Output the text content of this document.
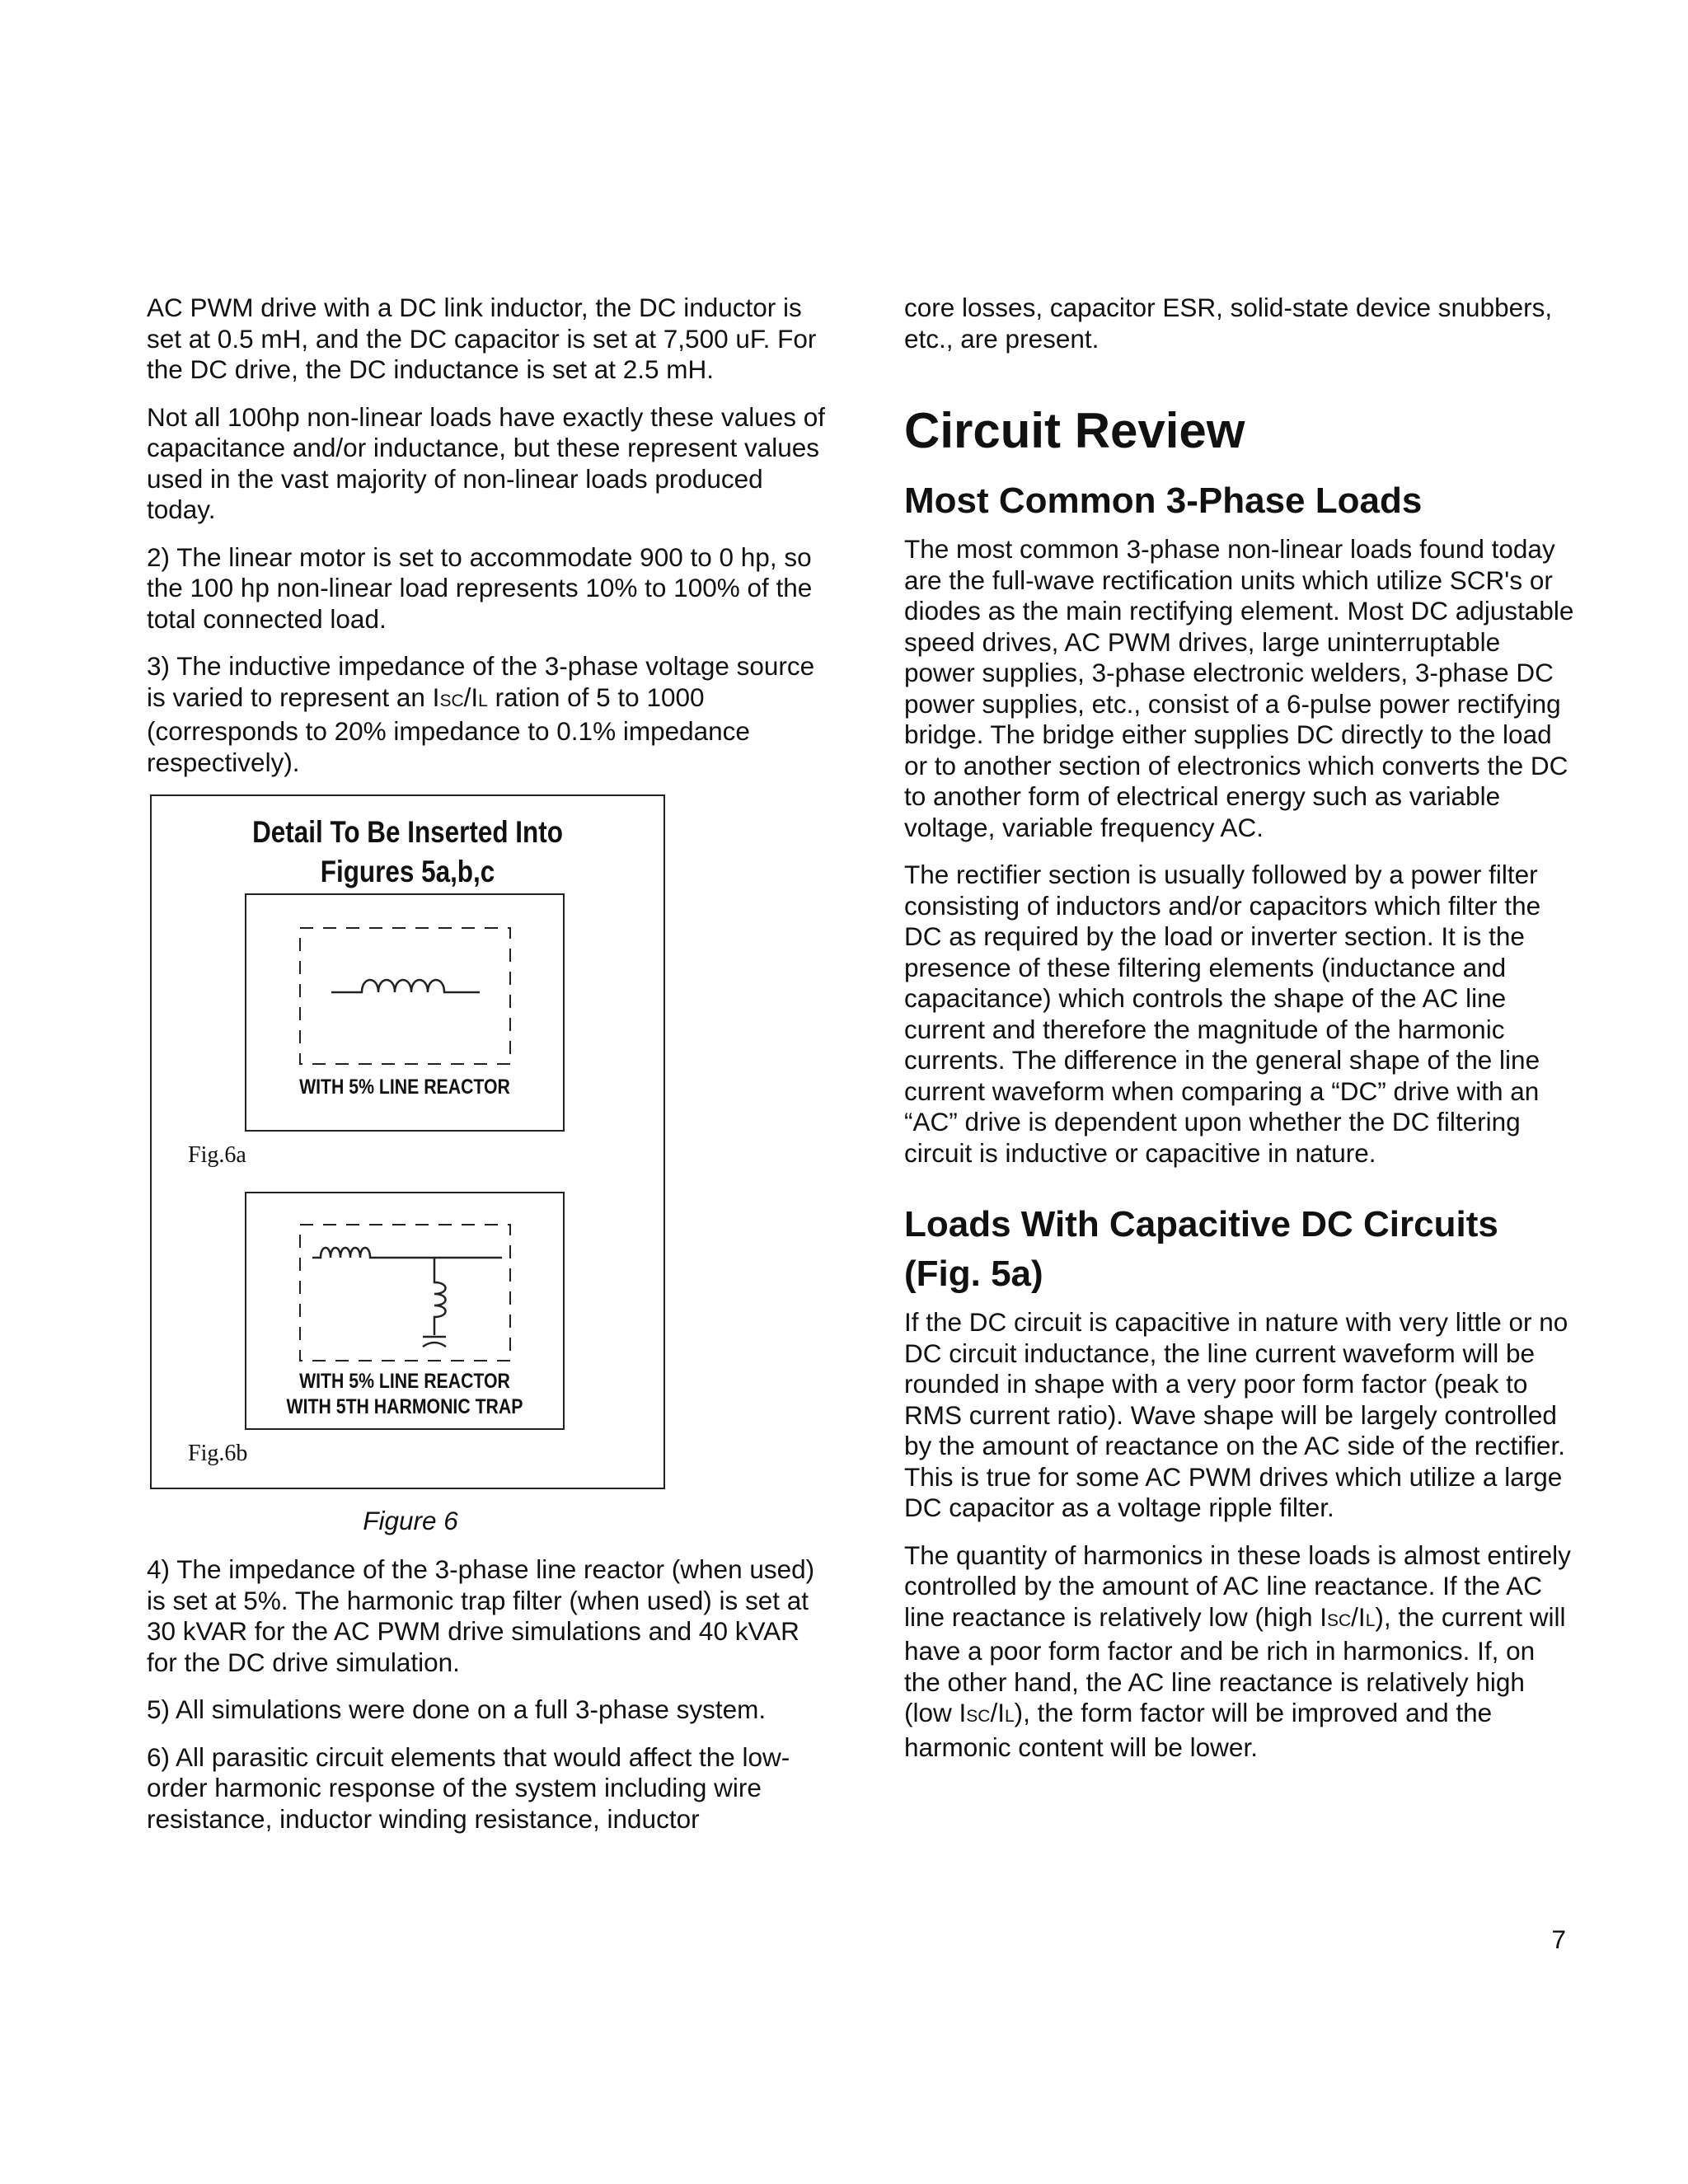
AC PWM drive with a DC link inductor, the DC inductor is set at 0.5 mH, and the DC capacitor is set at 7,500 uF. For the DC drive, the DC inductance is set at 2.5 mH.

Not all 100hp non-linear loads have exactly these values of capacitance and/or inductance, but these represent values used in the vast majority of non-linear loads produced today.

2) The linear motor is set to accommodate 900 to 0 hp, so the 100 hp non-linear load represents 10% to 100% of the total connected load.

3) The inductive impedance of the 3-phase voltage source is varied to represent an ISC/IL ration of 5 to 1000 (corresponds to 20% impedance to 0.1% impedance respectively).

Detail To Be Inserted Into
Figures 5a,b,c
WITH 5% LINE REACTOR
Fig.6a
WITH 5% LINE REACTOR
WITH 5TH HARMONIC TRAP
Fig.6b
Figure 6

4) The impedance of the 3-phase line reactor (when used) is set at 5%. The harmonic trap filter (when used) is set at 30 kVAR for the AC PWM drive simulations and 40 kVAR for the DC drive simulation.

5) All simulations were done on a full 3-phase system.

6) All parasitic circuit elements that would affect the low-order harmonic response of the system including wire resistance, inductor winding resistance, inductor

core losses, capacitor ESR, solid-state device snubbers, etc., are present.

Circuit Review
Most Common 3-Phase Loads

The most common 3-phase non-linear loads found today are the full-wave rectification units which utilize SCR's or diodes as the main rectifying element. Most DC adjustable speed drives, AC PWM drives, large uninterruptable power supplies, 3-phase electronic welders, 3-phase DC power supplies, etc., consist of a 6-pulse power rectifying bridge. The bridge either supplies DC directly to the load or to another section of electronics which converts the DC to another form of electrical energy such as variable voltage, variable frequency AC.

The rectifier section is usually followed by a power filter consisting of inductors and/or capacitors which filter the DC as required by the load or inverter section. It is the presence of these filtering elements (inductance and capacitance) which controls the shape of the AC line current and therefore the magnitude of the harmonic currents. The difference in the general shape of the line current waveform when comparing a “DC” drive with an “AC” drive is dependent upon whether the DC filtering circuit is inductive or capacitive in nature.

Loads With Capacitive DC Circuits (Fig. 5a)

If the DC circuit is capacitive in nature with very little or no DC circuit inductance, the line current waveform will be rounded in shape with a very poor form factor (peak to RMS current ratio). Wave shape will be largely controlled by the amount of reactance on the AC side of the rectifier. This is true for some AC PWM drives which utilize a large DC capacitor as a voltage ripple filter.

The quantity of harmonics in these loads is almost entirely controlled by the amount of AC line reactance. If the AC line reactance is relatively low (high ISC/IL), the current will have a poor form factor and be rich in harmonics. If, on the other hand, the AC line reactance is relatively high (low ISC/IL), the form factor will be improved and the harmonic content will be lower.

7
